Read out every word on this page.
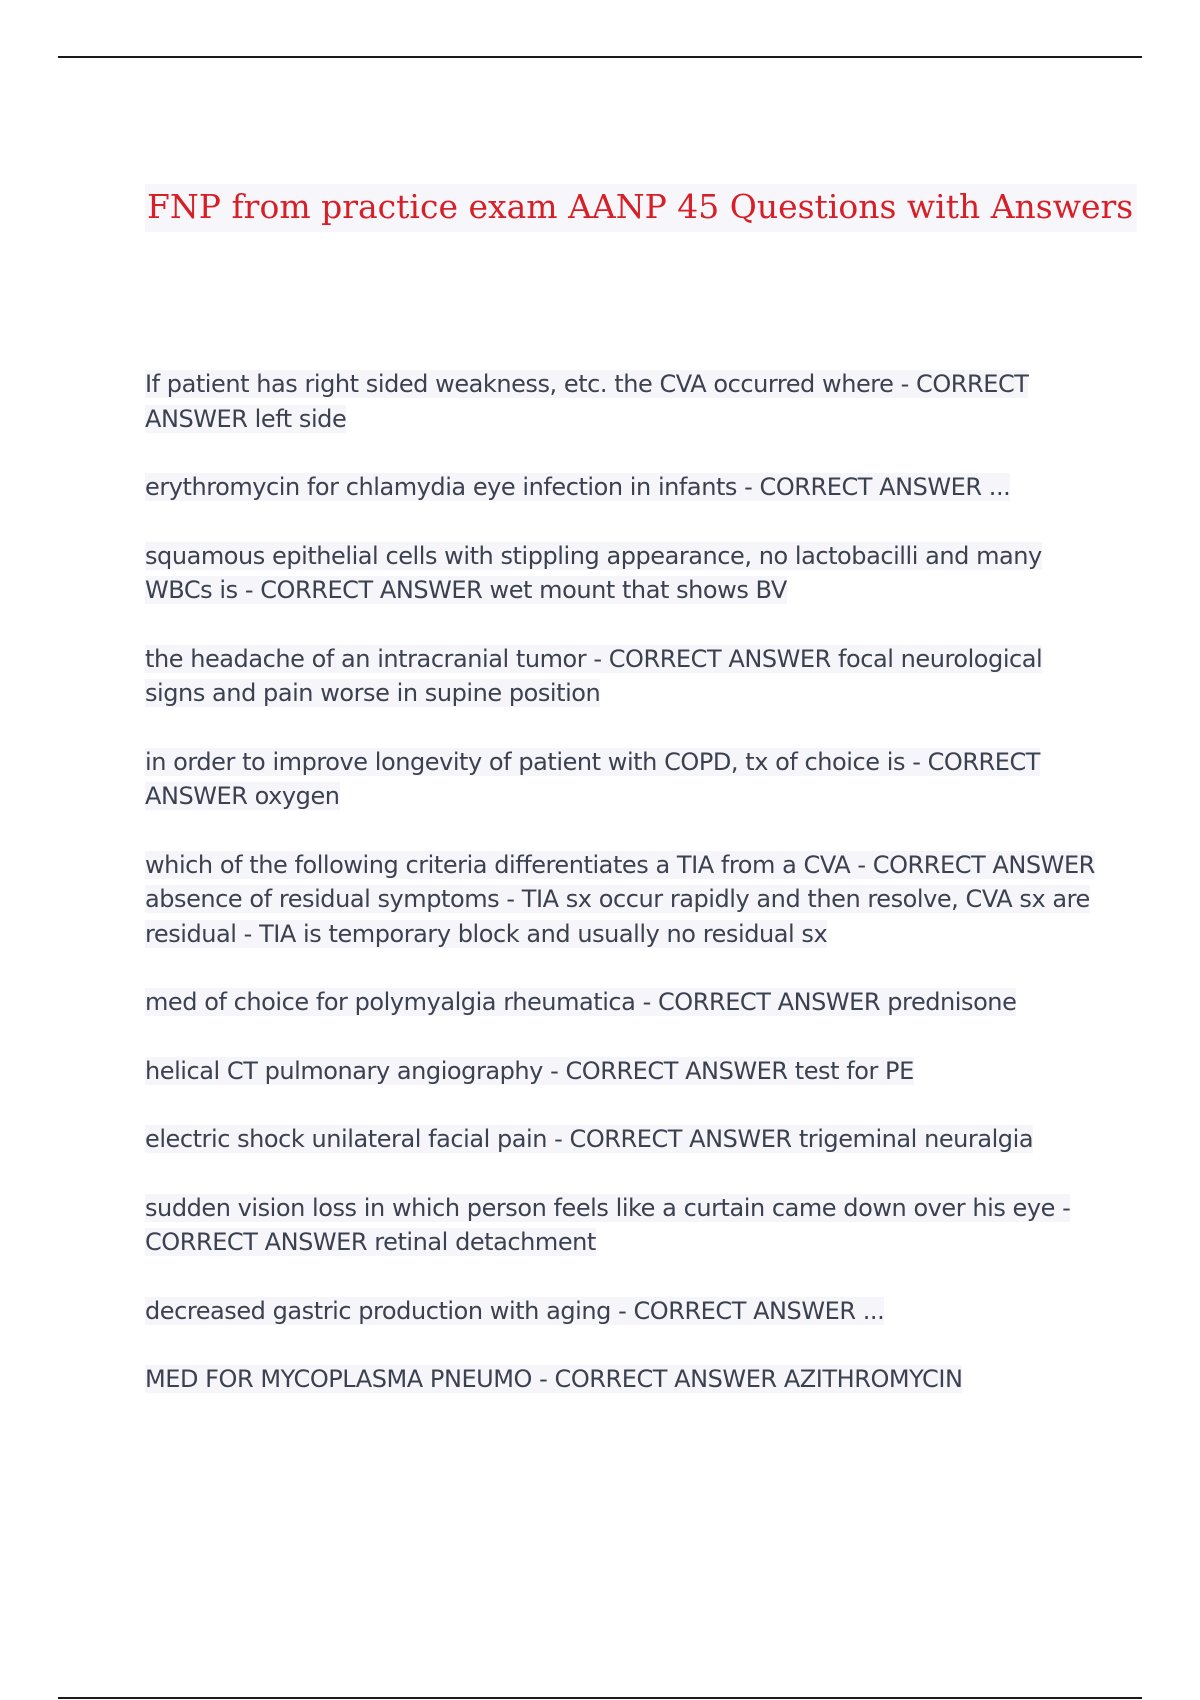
FNP from practice exam AANP 45 Questions with Answers
If patient has right sided weakness, etc. the CVA occurred where - CORRECT ANSWER left side
erythromycin for chlamydia eye infection in infants - CORRECT ANSWER ...
squamous epithelial cells with stippling appearance, no lactobacilli and many WBCs is - CORRECT ANSWER wet mount that shows BV
the headache of an intracranial tumor - CORRECT ANSWER focal neurological signs and pain worse in supine position
in order to improve longevity of patient with COPD, tx of choice is - CORRECT ANSWER oxygen
which of the following criteria differentiates a TIA from a CVA - CORRECT ANSWER absence of residual symptoms - TIA sx occur rapidly and then resolve, CVA sx are residual - TIA is temporary block and usually no residual sx
med of choice for polymyalgia rheumatica - CORRECT ANSWER prednisone
helical CT pulmonary angiography - CORRECT ANSWER test for PE
electric shock unilateral facial pain - CORRECT ANSWER trigeminal neuralgia
sudden vision loss in which person feels like a curtain came down over his eye - CORRECT ANSWER retinal detachment
decreased gastric production with aging - CORRECT ANSWER ...
MED FOR MYCOPLASMA PNEUMO - CORRECT ANSWER AZITHROMYCIN
